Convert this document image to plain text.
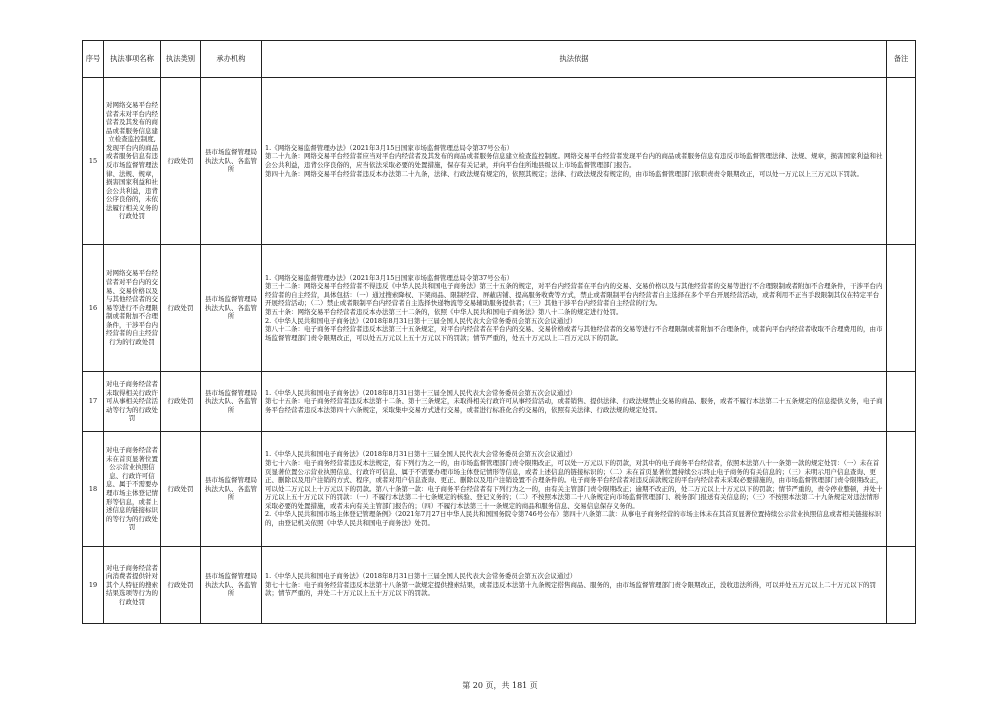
序号	执法事项名称	执法类别	承办机构	执法依据	备注
15	对网络交易平台经营者未对平台内经营者及其发布的商品或者服务信息建立检查监控制度,发现平台内的商品或者服务信息有违反市场监督管理法律、法规、规章，损害国家利益和社会公共利益，违背公序良俗的，未依法履行相关义务的行政处罚	行政处罚	县市场监督管理局执法大队、各监管所	1.《网络交易监督管理办法》（2021年3月15日国家市场监督管理总局令第37号公布）

第二十九条：网络交易平台经营者应当对平台内经营者及其发布的商品或者服务信息建立检查监控制度。网络交易平台经营者发现平台内的商品或者服务信息有违反市场监督管理法律、法规、规章，损害国家利益和社会公共利益，违背公序良俗的，应当依法采取必要的处置措施，保存有关记录，并向平台住所地县级以上市场监督管理部门报告。

第四十九条：网络交易平台经营者违反本办法第二十九条，法律、行政法规有规定的，依照其规定；法律、行政法规没有规定的，由市场监督管理部门依职责责令限期改正，可以处一万元以上三万元以下罚款。	

16	对网络交易平台经营者对平台内的交易、交易价格以及与其他经营者的交易等进行不合理限制或者附加不合理条件，干涉平台内经营者的自主经营行为的行政处罚	行政处罚	县市场监督管理局执法大队、各监管所	1.《网络交易监督管理办法》（2021年3月15日国家市场监督管理总局令第37号公布）

第三十二条：网络交易平台经营者不得违反《中华人民共和国电子商务法》第三十五条的规定，对平台内经营者在平台内的交易、交易价格以及与其他经营者的交易等进行不合理限制或者附加不合理条件，干涉平台内经营者的自主经营，具体包括：（一）通过搜索降权、下架商品、限制经营、屏蔽店铺、提高服务收费等方式，禁止或者限制平台内经营者自主选择在多个平台开展经营活动，或者利用不正当手段限制其仅在特定平台开展经营活动；（二）禁止或者限制平台内经营者自主选择快递物流等交易辅助服务提供者；（三）其他干涉平台内经营者自主经营的行为。

第五十条：网络交易平台经营者违反本办法第三十二条的，依照《中华人民共和国电子商务法》第八十二条的规定进行处罚。

2.《中华人民共和国电子商务法》（2018年8月31日第十三届全国人民代表大会常务委员会第五次会议通过）

第八十二条：电子商务平台经营者违反本法第三十五条规定，对平台内经营者在平台内的交易、交易价格或者与其他经营者的交易等进行不合理限制或者附加不合理条件，或者向平台内经营者收取不合理费用的，由市场监督管理部门责令限期改正，可以处五万元以上五十万元以下的罚款；情节严重的，处五十万元以上二百万元以下的罚款。	

17	对电子商务经营者未取得相关行政许可从事相关经营活动等行为的行政处罚	行政处罚	县市场监督管理局执法大队、各监管所	1.《中华人民共和国电子商务法》（2018年8月31日第十三届全国人民代表大会常务委员会第五次会议通过）

第七十五条：电子商务经营者违反本法第十二条、第十三条规定，未取得相关行政许可从事经营活动，或者销售、提供法律、行政法规禁止交易的商品、服务，或者不履行本法第二十五条规定的信息提供义务，电子商务平台经营者违反本法第四十六条规定，采取集中交易方式进行交易，或者进行标准化合约交易的，依照有关法律、行政法规的规定处罚。	

18	对电子商务经营者未在首页显著位置公示营业执照信息、行政许可信息、属于不需要办理市场主体登记情形等信息，或者上述信息的链接标识的等行为的行政处罚	行政处罚	县市场监督管理局执法大队、各监管所	1.《中华人民共和国电子商务法》（2018年8月31日第十三届全国人民代表大会常务委员会第五次会议通过）

第七十六条：电子商务经营者违反本法规定，有下列行为之一的，由市场监督管理部门责令限期改正，可以处一万元以下的罚款，对其中的电子商务平台经营者，依照本法第八十一条第一款的规定处罚：（一）未在首页显著位置公示营业执照信息、行政许可信息、属于不需要办理市场主体登记情形等信息，或者上述信息的链接标识的；（二）未在首页显著位置持续公示终止电子商务的有关信息的；（三）未明示用户信息查询、更正、删除以及用户注销的方式、程序，或者对用户信息查询、更正、删除以及用户注销设置不合理条件的。电子商务平台经营者对违反前款规定的平台内经营者未采取必要措施的，由市场监督管理部门责令限期改正，可以处二万元以上十万元以下的罚款。第八十条第一款：电子商务平台经营者有下列行为之一的，由有关主管部门责令限期改正；逾期不改正的，处二万元以上十万元以下的罚款；情节严重的，责令停业整顿，并处十万元以上五十万元以下的罚款：（一）不履行本法第二十七条规定的核验、登记义务的；（二）不按照本法第二十八条规定向市场监督管理部门、税务部门报送有关信息的；（三）不按照本法第二十九条规定对违法情形采取必要的处置措施，或者未向有关主管部门报告的；（四）不履行本法第三十一条规定的商品和服务信息、交易信息保存义务的。

2.《中华人民共和国市场主体登记管理条例》（2021年7月27日中华人民共和国国务院令第746号公布）第四十八条第二款：从事电子商务经营的市场主体未在其首页显著位置持续公示营业执照信息或者相关链接标识的，由登记机关依照《中华人民共和国电子商务法》处罚。	

19	对电子商务经营者向消费者提供针对其个人特征的搜索结果选项等行为的行政处罚	行政处罚	县市场监督管理局执法大队、各监管所	1.《中华人民共和国电子商务法》（2018年8月31日第十三届全国人民代表大会常务委员会第五次会议通过）

第七十七条：电子商务经营者违反本法第十八条第一款规定提供搜索结果，或者违反本法第十九条规定搭售商品、服务的，由市场监督管理部门责令限期改正，没收违法所得，可以并处五万元以上二十万元以下的罚款；情节严重的，并处二十万元以上五十万元以下的罚款。	

第 20 页，共 181 页
